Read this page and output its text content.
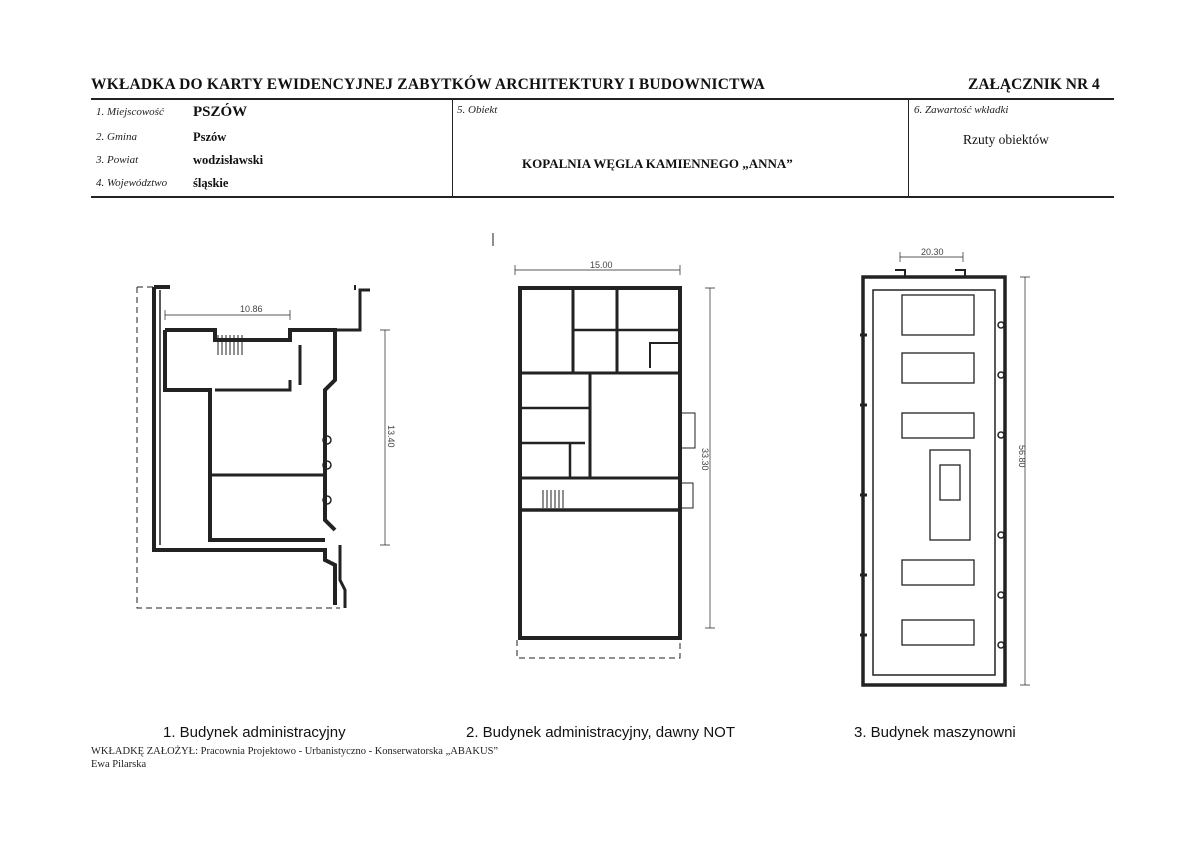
WKŁADKA DO KARTY EWIDENCYJNEJ ZABYTKÓW ARCHITEKTURY I BUDOWNICTWA	ZAŁĄCZNIK NR 4
1. Miejscowość PSZÓW
2. Gmina	Pszów
3. Powiat	wodzisławski
4. Województwo śląskie
5. Obiekt
KOPALNIA WĘGLA KAMIENNEGO „ANNA”
6. Zawartość wkładki
Rzuty obiektów
10.86
13.40
15.00
33.30
20.30
56.80
1. Budynek administracyjny	2. Budynek administracyjny, dawny NOT	3. Budynek maszynowni
WKŁADKĘ ZAŁOŻYŁ: Pracownia Projektowo - Urbanistyczno - Konserwatorska „ABAKUS”
Ewa Pilarska
